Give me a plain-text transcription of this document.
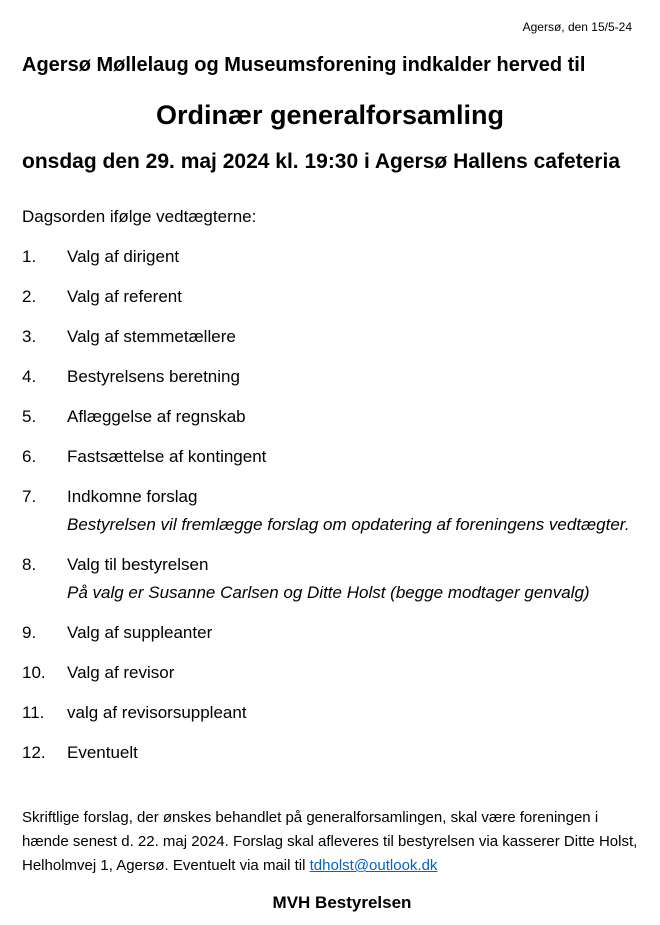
Agersø, den 15/5-24
Agersø Møllelaug og Museumsforening indkalder herved til
Ordinær generalforsamling
onsdag den 29. maj 2024 kl. 19:30 i Agersø Hallens cafeteria
Dagsorden ifølge vedtægterne:
1.	Valg af dirigent
2.	Valg af referent
3.	Valg af stemmetællere
4.	Bestyrelsens beretning
5.	Aflæggelse af regnskab
6.	Fastsættelse af kontingent
7.	Indkomne forslag
Bestyrelsen vil fremlægge forslag om opdatering af foreningens vedtægter.
8.	Valg til bestyrelsen
På valg er Susanne Carlsen og Ditte Holst (begge modtager genvalg)
9.	Valg af suppleanter
10.	Valg af revisor
11.	valg af revisorsuppleant
12.	Eventuelt
Skriftlige forslag, der ønskes behandlet på generalforsamlingen, skal være foreningen i hænde senest d. 22. maj 2024. Forslag skal afleveres til bestyrelsen via kasserer Ditte Holst, Helholmvej 1, Agersø. Eventuelt via mail til tdholst@outlook.dk
MVH Bestyrelsen
